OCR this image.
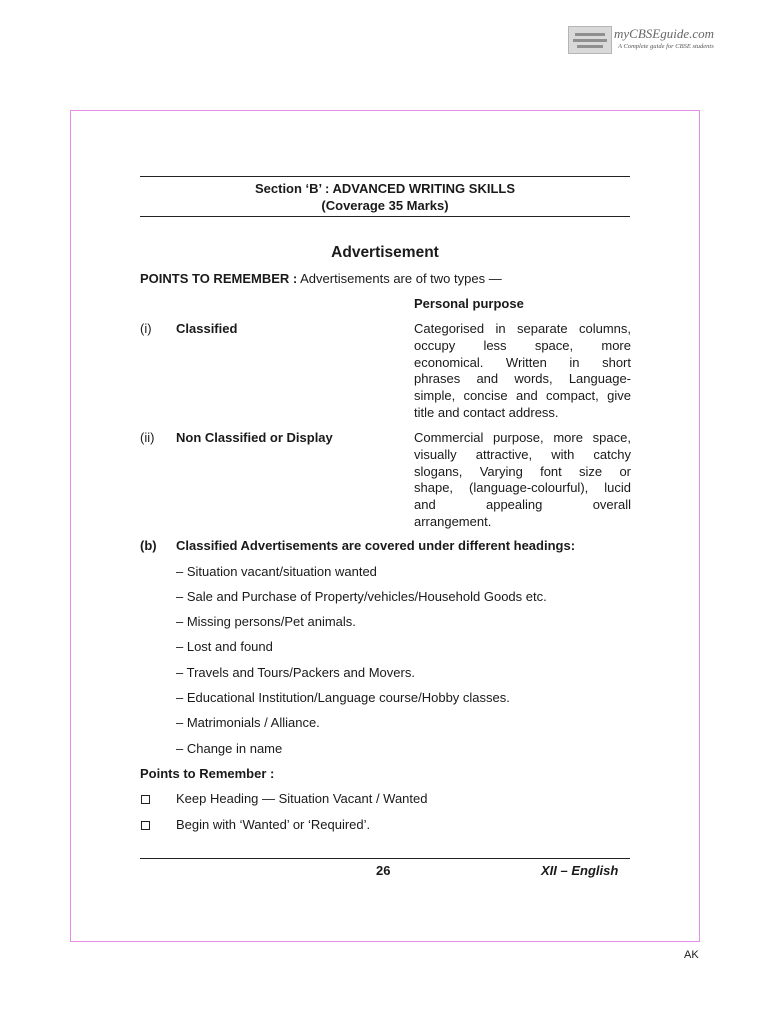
myCBSEguide.com
A Complete guide for CBSE students
Section ‘B’ : ADVANCED WRITING SKILLS
(Coverage 35 Marks)
Advertisement
POINTS TO REMEMBER : Advertisements are of two types —
Personal purpose
(i) Classified	Categorised in separate columns,
occupy less space, more
economical. Written in short
phrases and words, Language-
simple, concise and compact, give
title and contact address.
(ii) Non Classified or Display	Commercial purpose, more space,
visually attractive, with catchy
slogans, Varying font size or
shape, (language-colourful), lucid
and appealing overall
arrangement.
(b) Classified Advertisements are covered under different headings:
– Situation vacant/situation wanted
– Sale and Purchase of Property/vehicles/Household Goods etc.
– Missing persons/Pet animals.
– Lost and found
– Travels and Tours/Packers and Movers.
– Educational Institution/Language course/Hobby classes.
– Matrimonials / Alliance.
– Change in name
Points to Remember :
Keep Heading — Situation Vacant / Wanted
Begin with ‘Wanted’ or ‘Required’.
26	XII – English
AK
